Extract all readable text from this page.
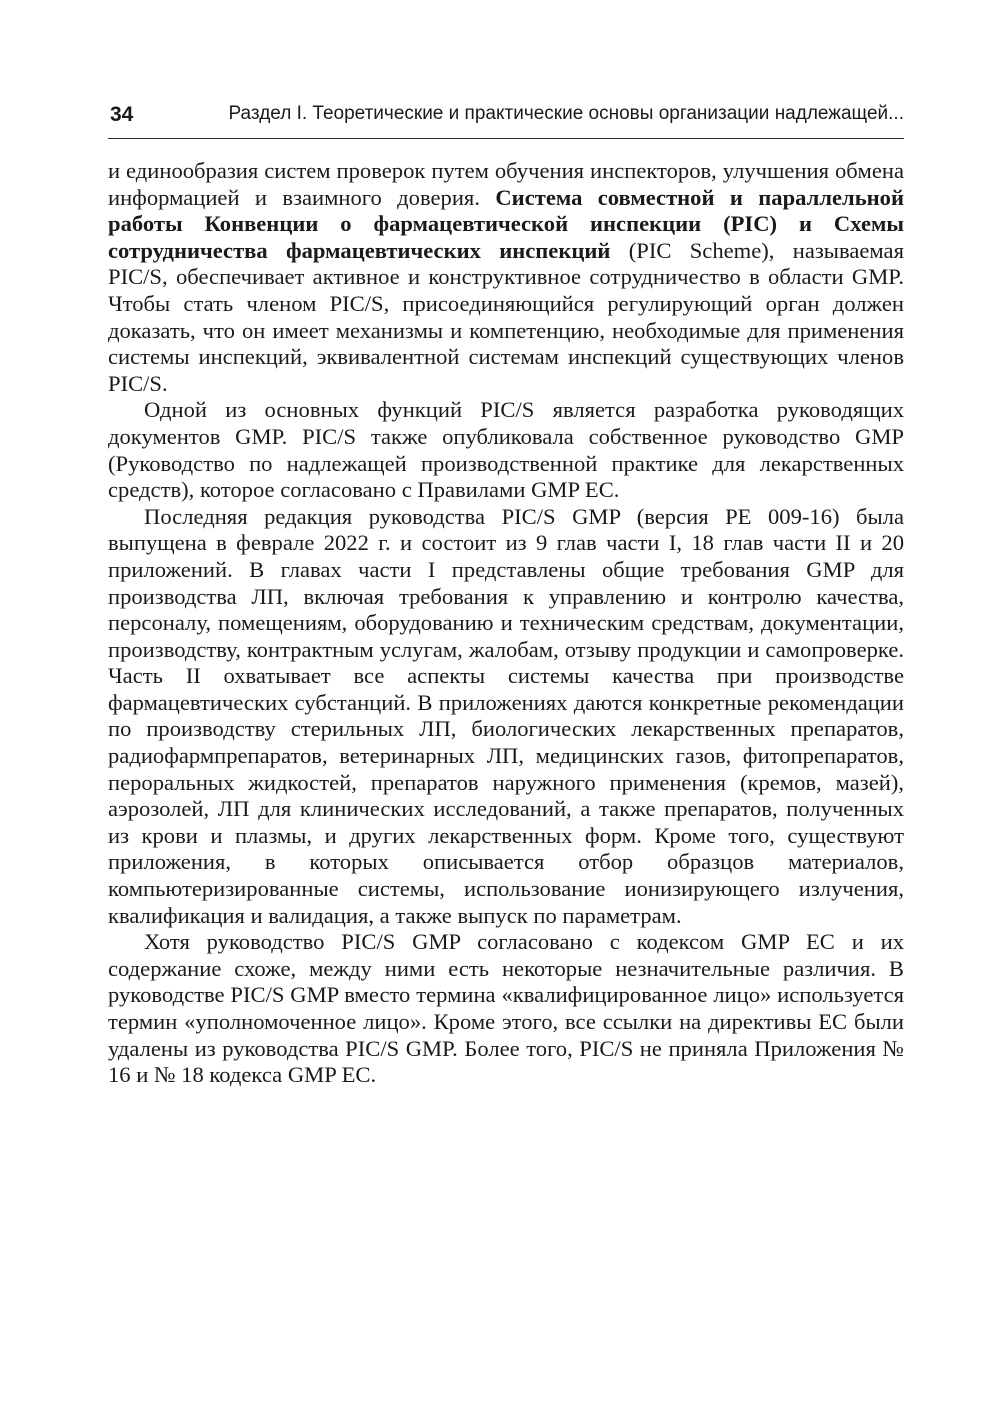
34	Раздел I. Теоретические и практические основы организации надлежащей...

и единообразия систем проверок путем обучения инспекторов, улучшения обмена информацией и взаимного доверия. Система совместной и параллельной работы Конвенции о фармацевтической инспекции (PIC) и Схемы сотрудничества фармацевтических инспекций (PIC Scheme), называемая PIC/S, обеспечивает активное и конструктивное сотрудничество в области GMP. Чтобы стать членом PIC/S, присоединяющийся регулирующий орган должен доказать, что он имеет механизмы и компетенцию, необходимые для применения системы инспекций, эквивалентной системам инспекций существующих членов PIC/S.

Одной из основных функций PIC/S является разработка руководящих документов GMP. PIC/S также опубликовала собственное руководство GMP (Руководство по надлежащей производственной практике для лекарственных средств), которое согласовано с Правилами GMP ЕС.

Последняя редакция руководства PIC/S GMP (версия PE 009-16) была выпущена в феврале 2022 г. и состоит из 9 глав части I, 18 глав части II и 20 приложений. В главах части I представлены общие требования GMP для производства ЛП, включая требования к управлению и контролю качества, персоналу, помещениям, оборудованию и техническим средствам, документации, производству, контрактным услугам, жалобам, отзыву продукции и самопроверке. Часть II охватывает все аспекты системы качества при производстве фармацевтических субстанций. В приложениях даются конкретные рекомендации по производству стерильных ЛП, биологических лекарственных препаратов, радиофармпрепаратов, ветеринарных ЛП, медицинских газов, фитопрепаратов, пероральных жидкостей, препаратов наружного применения (кремов, мазей), аэрозолей, ЛП для клинических исследований, а также препаратов, полученных из крови и плазмы, и других лекарственных форм. Кроме того, существуют приложения, в которых описывается отбор образцов материалов, компьютеризированные системы, использование ионизирующего излучения, квалификация и валидация, а также выпуск по параметрам.

Хотя руководство PIC/S GMP согласовано с кодексом GMP ЕС и их содержание схоже, между ними есть некоторые незначительные различия. В руководстве PIC/S GMP вместо термина «квалифицированное лицо» используется термин «уполномоченное лицо». Кроме этого, все ссылки на директивы ЕС были удалены из руководства PIC/S GMP. Более того, PIC/S не приняла Приложения № 16 и № 18 кодекса GMP ЕС.
